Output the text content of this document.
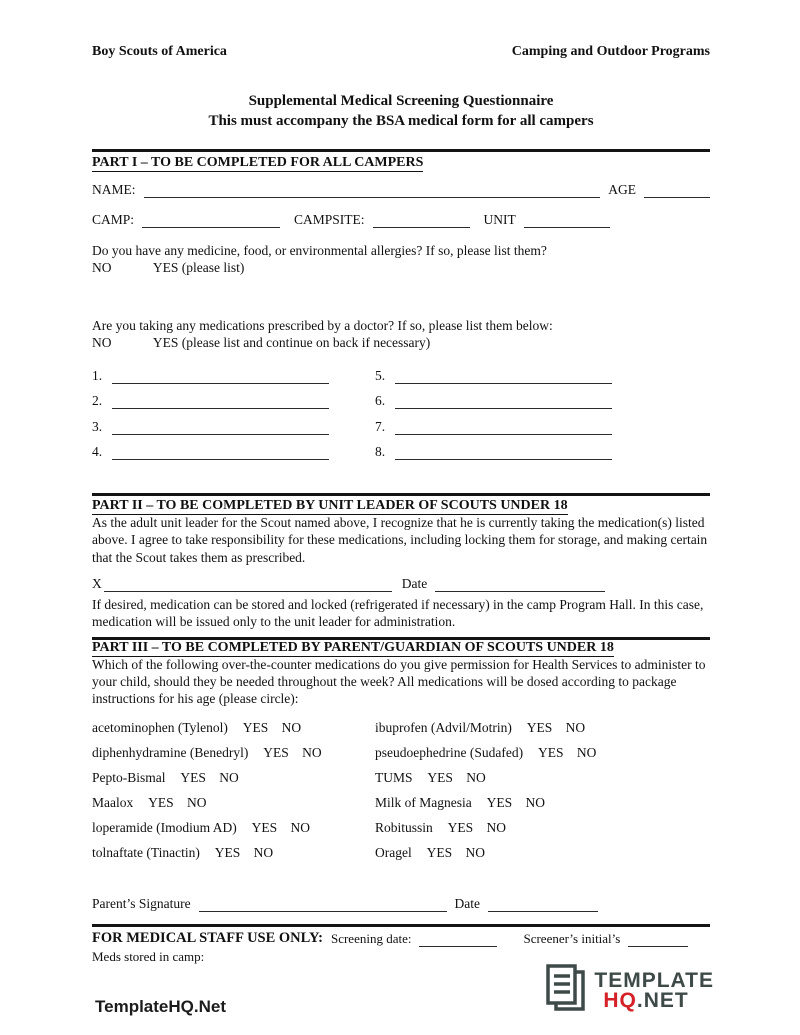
Boy Scouts of America	Camping and Outdoor Programs
Supplemental Medical Screening Questionnaire
This must accompany the BSA medical form for all campers
PART I – TO BE COMPLETED FOR ALL CAMPERS
NAME:	AGE
CAMP:	CAMPSITE:	UNIT
Do you have any medicine, food, or environmental allergies? If so, please list them?
NO	YES (please list)
Are you taking any medications prescribed by a doctor? If so, please list them below:
NO	YES (please list and continue on back if necessary)
1.
2.
3.
4.
5.
6.
7.
8.
PART II – TO BE COMPLETED BY UNIT LEADER OF SCOUTS UNDER 18
As the adult unit leader for the Scout named above, I recognize that he is currently taking the medication(s) listed above. I agree to take responsibility for these medications, including locking them for storage, and making certain that the Scout takes them as prescribed.
X	Date
If desired, medication can be stored and locked (refrigerated if necessary) in the camp Program Hall. In this case, medication will be issued only to the unit leader for administration.
PART III – TO BE COMPLETED BY PARENT/GUARDIAN OF SCOUTS UNDER 18
Which of the following over-the-counter medications do you give permission for Health Services to administer to your child, should they be needed throughout the week? All medications will be dosed according to package instructions for his age (please circle):
acetominophen (Tylenol) YES NO	ibuprofen (Advil/Motrin) YES NO
diphenhydramine (Benedryl) YES NO	pseudoephedrine (Sudafed) YES NO
Pepto-Bismal YES NO	TUMS YES NO
Maalox YES NO	Milk of Magnesia YES NO
loperamide (Imodium AD) YES NO	Robitussin YES NO
tolnaftate (Tinactin) YES NO	Oragel YES NO
Parent’s Signature	Date
FOR MEDICAL STAFF USE ONLY: Screening date:	Screener’s initial’s
Meds stored in camp:
TemplateHQ.Net
TEMPLATE
HQ.NET
